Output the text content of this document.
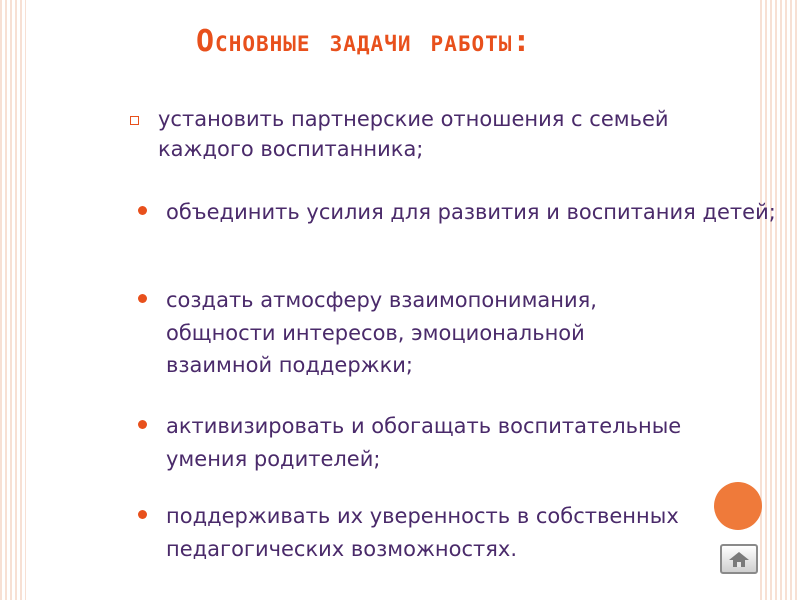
Основные задачи работы:
установить партнерские отношения с семьей каждого воспитанника;
объединить усилия для развития и воспитания детей;
создать атмосферу взаимопонимания, общности интересов, эмоциональной взаимной поддержки;
активизировать и обогащать воспитательные умения родителей;
поддерживать их уверенность в собственных педагогических возможностях.
